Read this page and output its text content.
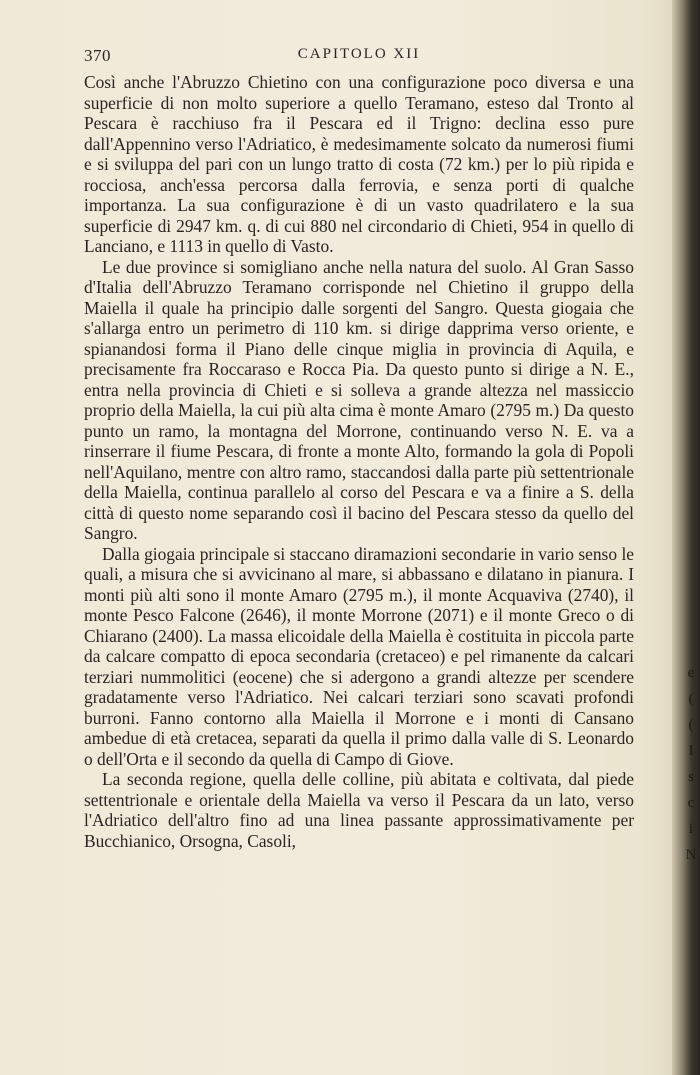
370	CAPITOLO XII

Così anche l'Abruzzo Chietino con una configurazione poco diversa e una superficie di non molto superiore a quello Teramano, esteso dal Tronto al Pescara è racchiuso fra il Pescara ed il Trigno: declina esso pure dall'Appennino verso l'Adriatico, è medesimamente solcato da numerosi fiumi e si sviluppa del pari con un lungo tratto di costa (72 km.) per lo più ripida e rocciosa, anch'essa percorsa dalla ferrovia, e senza porti di qualche importanza. La sua configurazione è di un vasto quadrilatero e la sua superficie di 2947 km. q. di cui 880 nel circondario di Chieti, 954 in quello di Lanciano, e 1113 in quello di Vasto.

Le due province si somigliano anche nella natura del suolo. Al Gran Sasso d'Italia dell'Abruzzo Teramano corrisponde nel Chietino il gruppo della Maiella il quale ha principio dalle sorgenti del Sangro. Questa giogaia che s'allarga entro un perimetro di 110 km. si dirige dapprima verso oriente, e spianandosi forma il Piano delle cinque miglia in provincia di Aquila, e precisamente fra Roccaraso e Rocca Pia. Da questo punto si dirige a N. E., entra nella provincia di Chieti e si solleva a grande altezza nel massiccio proprio della Maiella, la cui più alta cima è monte Amaro (2795 m.) Da questo punto un ramo, la montagna del Morrone, continuando verso N. E. va a rinserrare il fiume Pescara, di fronte a monte Alto, formando la gola di Popoli nell'Aquilano, mentre con altro ramo, staccandosi dalla parte più settentrionale della Maiella, continua parallelo al corso del Pescara e va a finire a S. della città di questo nome separando così il bacino del Pescara stesso da quello del Sangro.

Dalla giogaia principale si staccano diramazioni secondarie in vario senso le quali, a misura che si avvicinano al mare, si abbassano e dilatano in pianura. I monti più alti sono il monte Amaro (2795 m.), il monte Acquaviva (2740), il monte Pesco Falcone (2646), il monte Morrone (2071) e il monte Greco o di Chiarano (2400). La massa elicoidale della Maiella è costituita in piccola parte da calcare compatto di epoca secondaria (cretaceo) e pel rimanente da calcari terziari nummolitici (eocene) che si adergono a grandi altezze per scendere gradatamente verso l'Adriatico. Nei calcari terziari sono scavati profondi burroni. Fanno contorno alla Maiella il Morrone e i monti di Cansano ambedue di età cretacea, separati da quella il primo dalla valle di S. Leonardo o dell'Orta e il secondo da quella di Campo di Giove.

La seconda regione, quella delle colline, più abitata e coltivata, dal piede settentrionale e orientale della Maiella va verso il Pescara da un lato, verso l'Adriatico dell'altro fino ad una linea passante approssimativamente per Bucchianico, Orsogna, Casoli,

e
(
(
I
s
c
i
N
